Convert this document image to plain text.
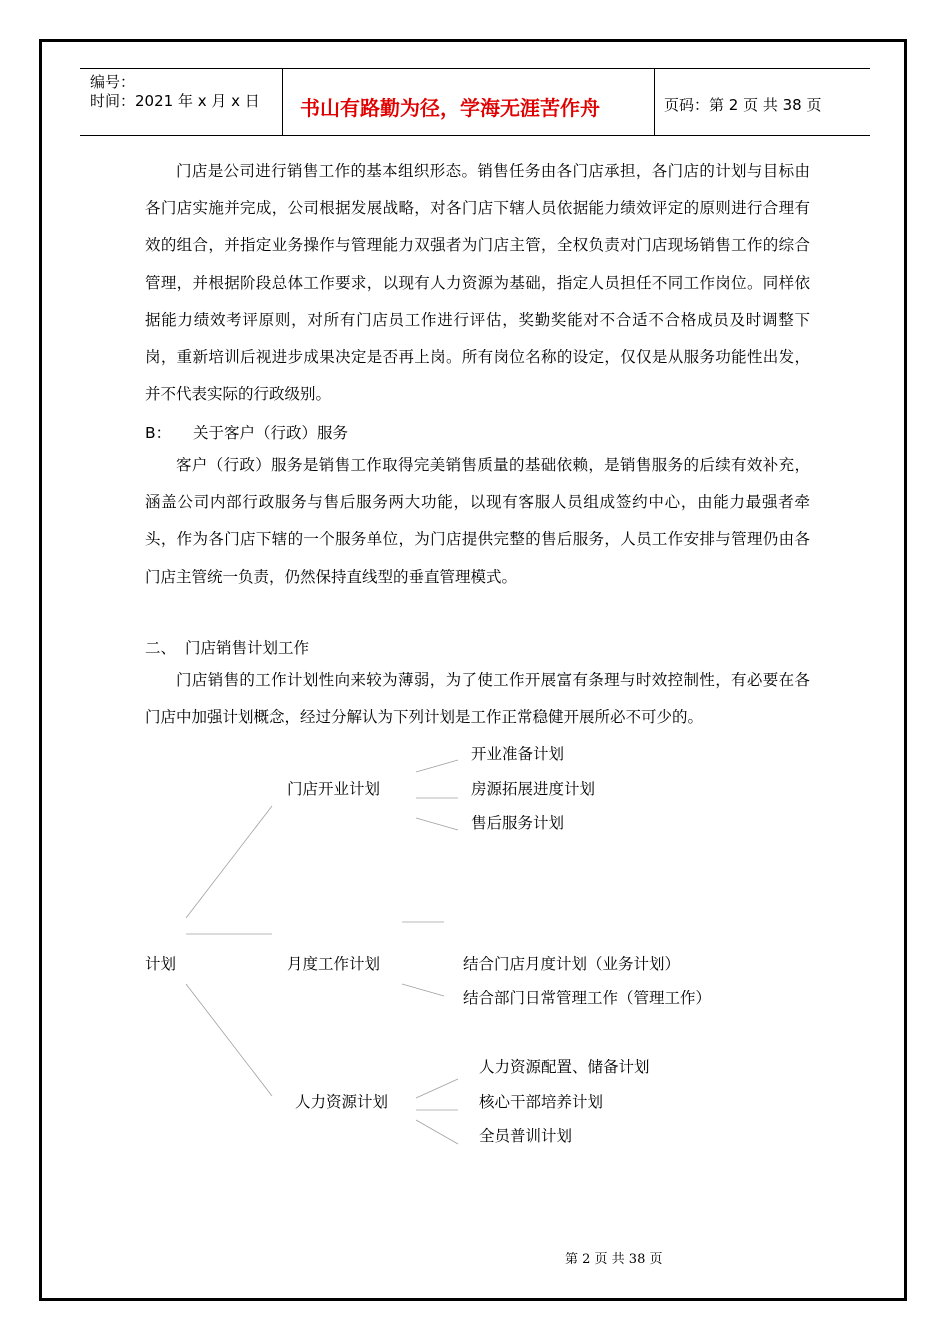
编号：
时间：2021 年 x 月 x 日 书山有路勤为径，学海无涯苦作舟	页码：第 2 页 共 38 页

门店是公司进行销售工作的基本组织形态。销售任务由各门店承担，各门店的计划与目标由各门店实施并完成，公司根据发展战略，对各门店下辖人员依据能力绩效评定的原则进行合理有效的组合，并指定业务操作与管理能力双强者为门店主管，全权负责对门店现场销售工作的综合管理，并根据阶段总体工作要求，以现有人力资源为基础，指定人员担任不同工作岗位。同样依据能力绩效考评原则，对所有门店员工作进行评估，奖勤奖能对不合适不合格成员及时调整下岗，重新培训后视进步成果决定是否再上岗。所有岗位名称的设定，仅仅是从服务功能性出发，并不代表实际的行政级别。

B： 关于客户（行政）服务

客户（行政）服务是销售工作取得完美销售质量的基础依赖，是销售服务的后续有效补充，涵盖公司内部行政服务与售后服务两大功能，以现有客服人员组成签约中心，由能力最强者牵头，作为各门店下辖的一个服务单位，为门店提供完整的售后服务，人员工作安排与管理仍由各门店主管统一负责，仍然保持直线型的垂直管理模式。

二、 门店销售计划工作

门店销售的工作计划性向来较为薄弱，为了使工作开展富有条理与时效控制性，有必要在各门店中加强计划概念，经过分解认为下列计划是工作正常稳健开展所必不可少的。

计划
门店开业计划
开业准备计划
房源拓展进度计划
售后服务计划
月度工作计划	结合门店月度计划（业务计划）
结合部门日常管理工作（管理工作）
人力资源计划
人力资源配置、储备计划
核心干部培养计划
全员普训计划
第 2 页 共 38 页
